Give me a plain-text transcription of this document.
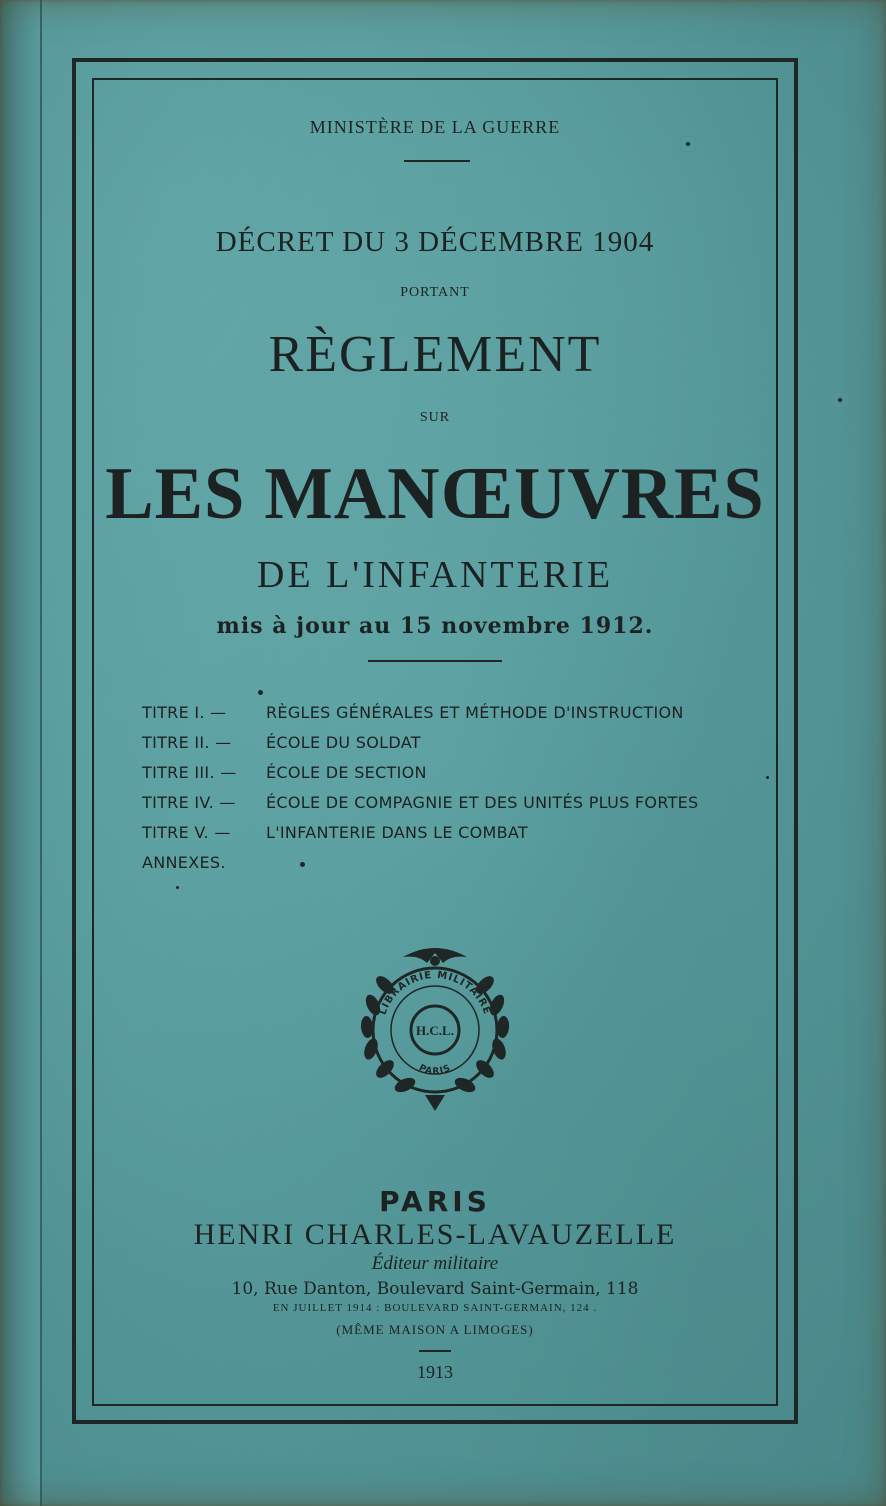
MINISTÈRE DE LA GUERRE
DÉCRET DU 3 DÉCEMBRE 1904
PORTANT
RÈGLEMENT
SUR
LES MANŒUVRES
DE L'INFANTERIE
mis à jour au 15 novembre 1912.
TITRE I. —	RÈGLES GÉNÉRALES ET MÉTHODE D'INSTRUCTION
TITRE II. —	ÉCOLE DU SOLDAT
TITRE III. —	ÉCOLE DE SECTION
TITRE IV. —	ÉCOLE DE COMPAGNIE ET DES UNITÉS PLUS FORTES
TITRE V. —	L'INFANTERIE DANS LE COMBAT
ANNEXES.
LIBRAIRIE MILITAIRE
H.C.L.
PARIS
PARIS
HENRI CHARLES-LAVAUZELLE
Éditeur militaire
10, Rue Danton, Boulevard Saint-Germain, 118
EN JUILLET 1914 : BOULEVARD SAINT-GERMAIN, 124 .
(MÊME MAISON A LIMOGES)
1913
